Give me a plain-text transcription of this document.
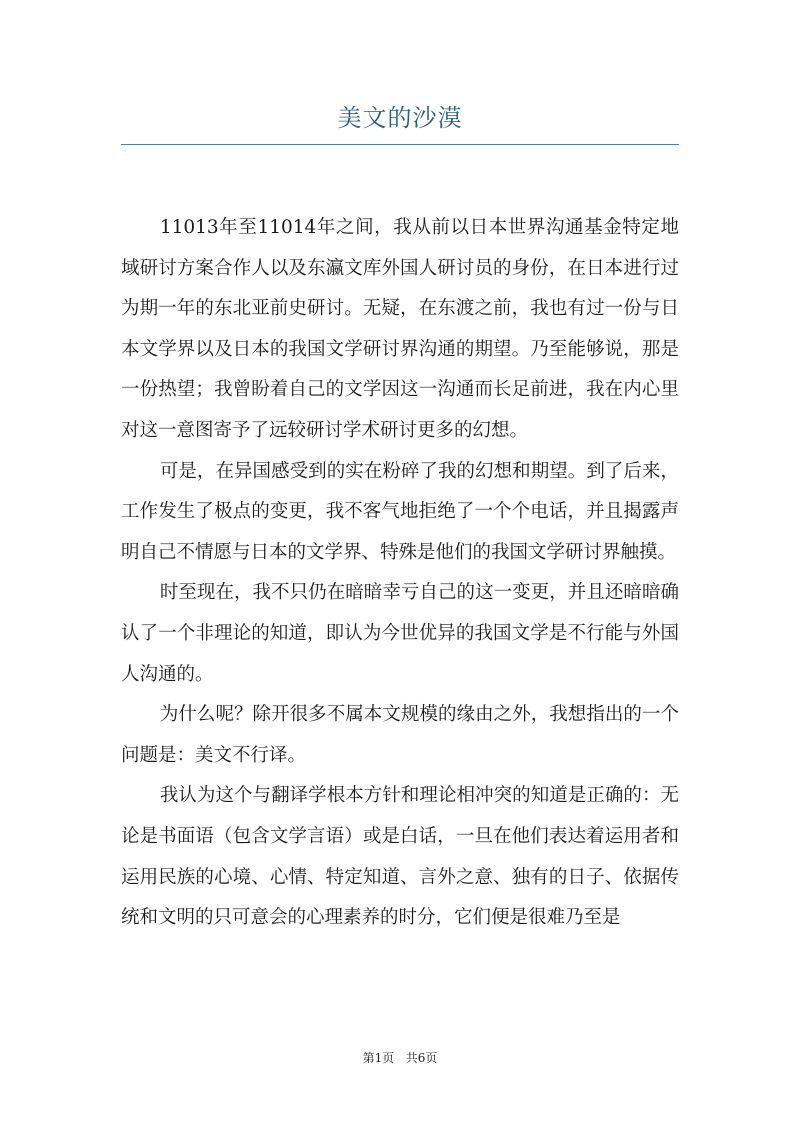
美文的沙漠

11013年至11014年之间，我从前以日本世界沟通基金特定地域研讨方案合作人以及东瀛文库外国人研讨员的身份，在日本进行过为期一年的东北亚前史研讨。无疑，在东渡之前，我也有过一份与日本文学界以及日本的我国文学研讨界沟通的期望。乃至能够说，那是一份热望；我曾盼着自己的文学因这一沟通而长足前进，我在内心里对这一意图寄予了远较研讨学术研讨更多的幻想。

可是，在异国感受到的实在粉碎了我的幻想和期望。到了后来，工作发生了极点的变更，我不客气地拒绝了一个个电话，并且揭露声明自己不情愿与日本的文学界、特殊是他们的我国文学研讨界触摸。

时至现在，我不只仍在暗暗幸亏自己的这一变更，并且还暗暗确认了一个非理论的知道，即认为今世优异的我国文学是不行能与外国人沟通的。

为什么呢？除开很多不属本文规模的缘由之外，我想指出的一个问题是：美文不行译。

我认为这个与翻译学根本方针和理论相冲突的知道是正确的：无论是书面语（包含文学言语）或是白话，一旦在他们表达着运用者和运用民族的心境、心情、特定知道、言外之意、独有的日子、依据传统和文明的只可意会的心理素养的时分，它们便是很难乃至是

第1页   共6页
